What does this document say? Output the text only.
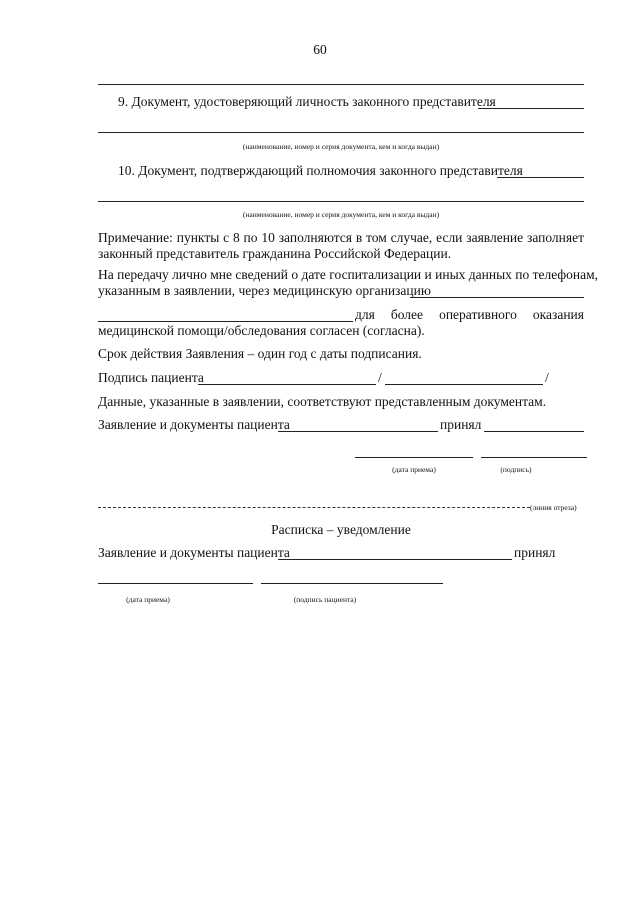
60
9. Документ, удостоверяющий личность законного представителя
(наименование, номер и серия документа, кем и когда выдан)
10. Документ, подтверждающий полномочия законного представителя
(наименование, номер и серия документа, кем и когда выдан)
Примечание: пункты с 8 по 10 заполняются в том случае, если заявление заполняет
законный представитель гражданина Российской Федерации.
На передачу лично мне сведений о дате госпитализации и иных данных по телефонам,
указанным в заявлении, через медицинскую организацию
для более оперативного оказания
медицинской помощи/обследования согласен (согласна).
Срок действия Заявления – один год с даты подписания.
Подпись пациента	/	/
Данные, указанные в заявлении, соответствуют представленным документам.
Заявление и документы пациента	принял
(дата приема)	(подпись)
(линия отреза)
Расписка – уведомление
Заявление и документы пациента	принял
(дата приема)	(подпись пациента)
